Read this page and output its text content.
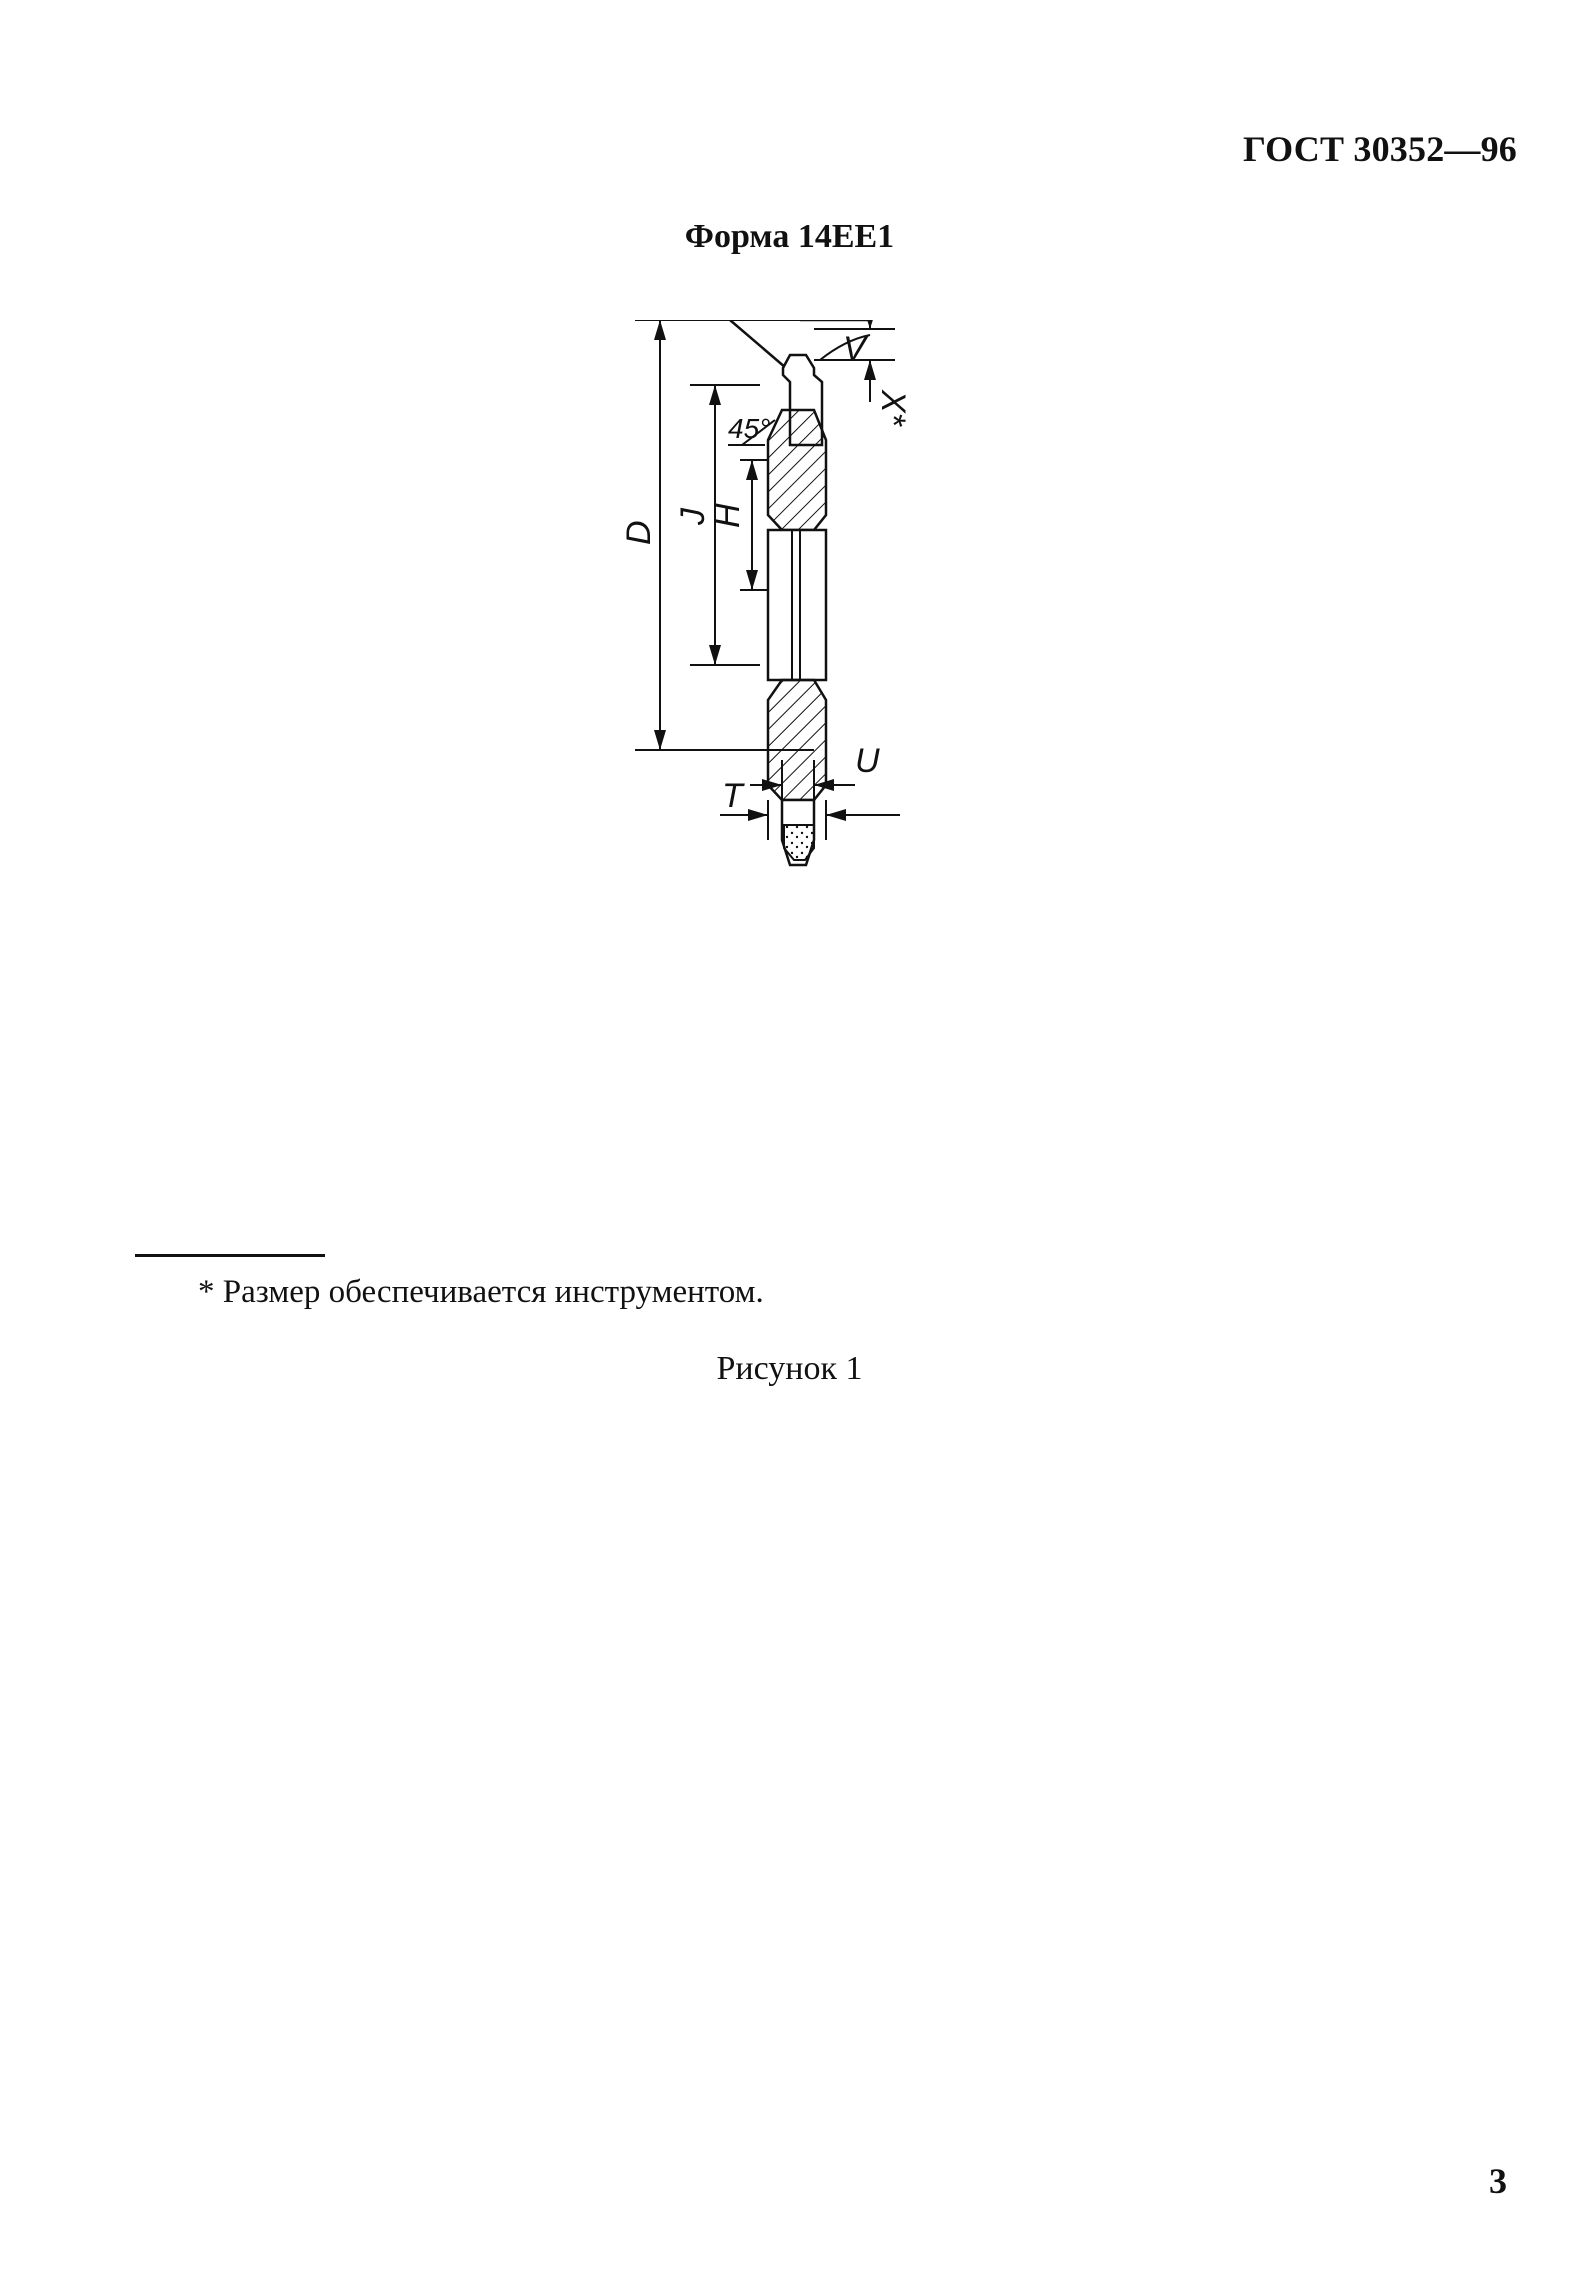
ГОСТ 30352—96
Форма 14EE1
V
X*
45°
D
J
H
U
T
* Размер обеспечивается инструментом.
Рисунок 1
3
